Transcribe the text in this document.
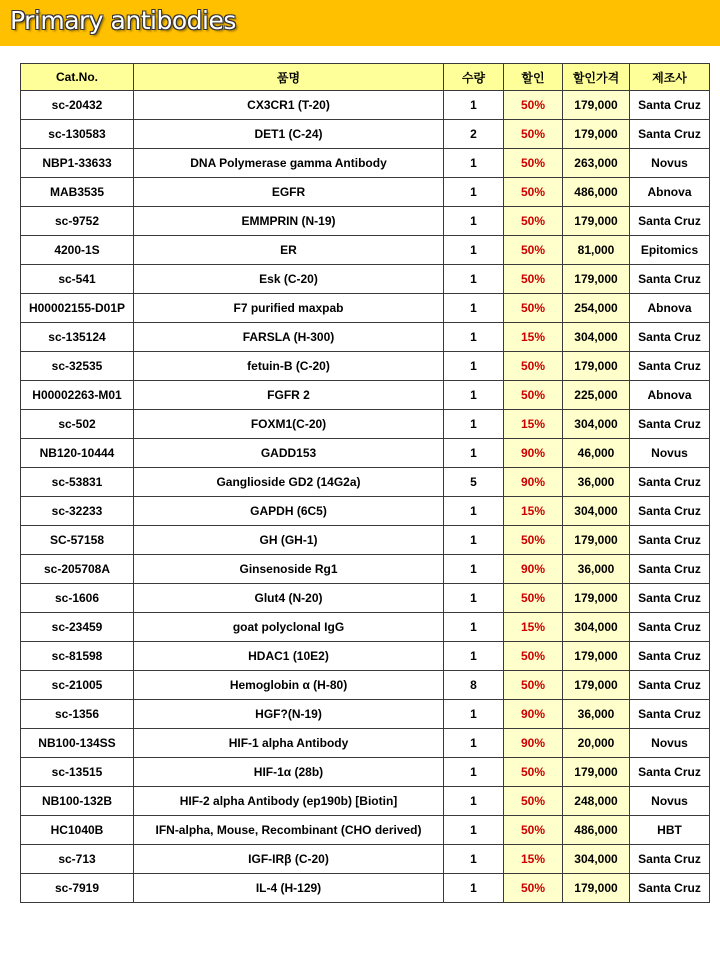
Primary antibodies
Cat.No.	품명	수량	할인	할인가격	제조사
sc-20432	CX3CR1 (T-20)	1	50%	179,000	Santa Cruz
sc-130583	DET1 (C-24)	2	50%	179,000	Santa Cruz
NBP1-33633	DNA Polymerase gamma Antibody	1	50%	263,000	Novus
MAB3535	EGFR	1	50%	486,000	Abnova
sc-9752	EMMPRIN (N-19)	1	50%	179,000	Santa Cruz
4200-1S	ER	1	50%	81,000	Epitomics
sc-541	Esk (C-20)	1	50%	179,000	Santa Cruz
H00002155-D01P	F7 purified maxpab	1	50%	254,000	Abnova
sc-135124	FARSLA (H-300)	1	15%	304,000	Santa Cruz
sc-32535	fetuin-B (C-20)	1	50%	179,000	Santa Cruz
H00002263-M01	FGFR 2	1	50%	225,000	Abnova
sc-502	FOXM1(C-20)	1	15%	304,000	Santa Cruz
NB120-10444	GADD153	1	90%	46,000	Novus
sc-53831	Ganglioside GD2 (14G2a)	5	90%	36,000	Santa Cruz
sc-32233	GAPDH (6C5)	1	15%	304,000	Santa Cruz
SC-57158	GH (GH-1)	1	50%	179,000	Santa Cruz
sc-205708A	Ginsenoside Rg1	1	90%	36,000	Santa Cruz
sc-1606	Glut4 (N-20)	1	50%	179,000	Santa Cruz
sc-23459	goat polyclonal IgG	1	15%	304,000	Santa Cruz
sc-81598	HDAC1 (10E2)	1	50%	179,000	Santa Cruz
sc-21005	Hemoglobin α (H-80)	8	50%	179,000	Santa Cruz
sc-1356	HGF?(N-19)	1	90%	36,000	Santa Cruz
NB100-134SS	HIF-1 alpha Antibody	1	90%	20,000	Novus
sc-13515	HIF-1α (28b)	1	50%	179,000	Santa Cruz
NB100-132B	HIF-2 alpha Antibody (ep190b) [Biotin]	1	50%	248,000	Novus
HC1040B	IFN-alpha, Mouse, Recombinant (CHO derived)	1	50%	486,000	HBT
sc-713	IGF-IRβ (C-20)	1	15%	304,000	Santa Cruz
sc-7919	IL-4 (H-129)	1	50%	179,000	Santa Cruz
